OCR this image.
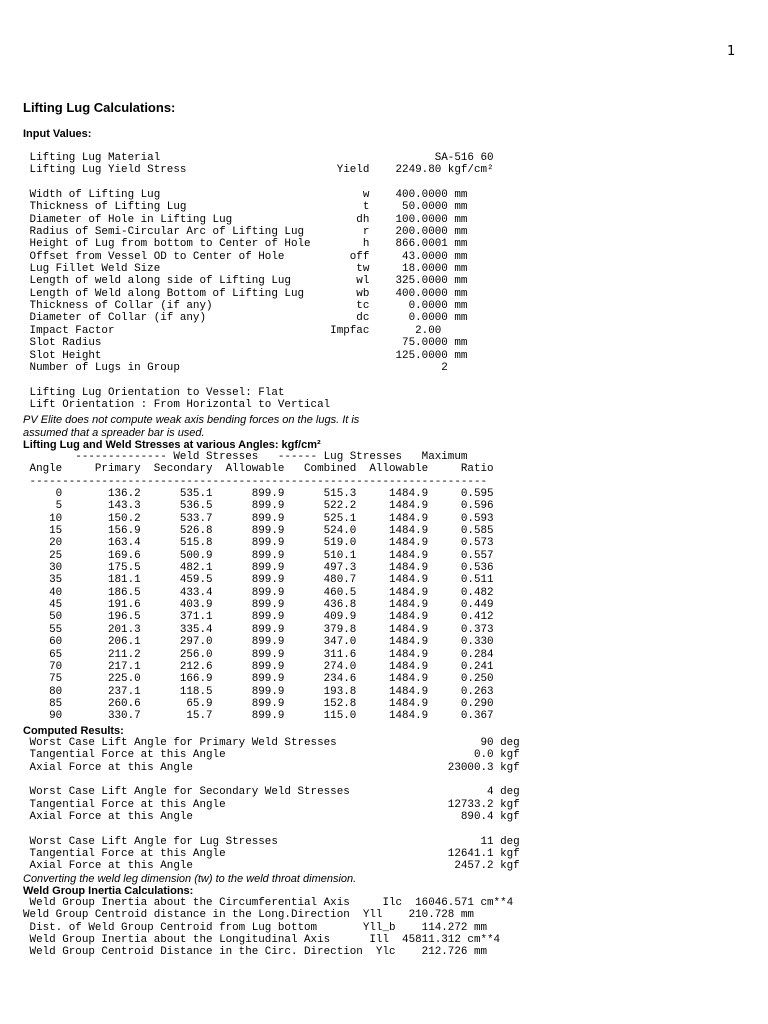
1
Lifting Lug Calculations:
Input Values:
Lifting Lug Material                                          SA-516 60
Lifting Lug Yield Stress                       Yield    2249.80 kgf/cm²

Width of Lifting Lug                               w    400.0000 mm
Thickness of Lifting Lug                           t     50.0000 mm
Diameter of Hole in Lifting Lug                   dh    100.0000 mm
Radius of Semi-Circular Arc of Lifting Lug         r    200.0000 mm
Height of Lug from bottom to Center of Hole        h    866.0001 mm
Offset from Vessel OD to Center of Hole          off     43.0000 mm
Lug Fillet Weld Size                              tw     18.0000 mm
Length of weld along side of Lifting Lug          wl    325.0000 mm
Length of Weld along Bottom of Lifting Lug        wb    400.0000 mm
Thickness of Collar (if any)                      tc      0.0000 mm
Diameter of Collar (if any)                       dc      0.0000 mm
Impact Factor                                 Impfac       2.00
Slot Radius                                              75.0000 mm
Slot Height                                             125.0000 mm
Number of Lugs in Group                                        2

Lifting Lug Orientation to Vessel: Flat
Lift Orientation : From Horizontal to Vertical
PV Elite does not compute weak axis bending forces on the lugs. It is
assumed that a spreader bar is used.
Lifting Lug and Weld Stresses at various Angles: kgf/cm²
-------------- Weld Stresses   ------ Lug Stresses   Maximum
Angle     Primary  Secondary  Allowable   Combined  Allowable     Ratio
----------------------------------------------------------------------
0       136.2      535.1      899.9      515.3     1484.9     0.595
5       143.3      536.5      899.9      522.2     1484.9     0.596
10       150.2      533.7      899.9      525.1     1484.9     0.593
15       156.9      526.8      899.9      524.0     1484.9     0.585
20       163.4      515.8      899.9      519.0     1484.9     0.573
25       169.6      500.9      899.9      510.1     1484.9     0.557
30       175.5      482.1      899.9      497.3     1484.9     0.536
35       181.1      459.5      899.9      480.7     1484.9     0.511
40       186.5      433.4      899.9      460.5     1484.9     0.482
45       191.6      403.9      899.9      436.8     1484.9     0.449
50       196.5      371.1      899.9      409.9     1484.9     0.412
55       201.3      335.4      899.9      379.8     1484.9     0.373
60       206.1      297.0      899.9      347.0     1484.9     0.330
65       211.2      256.0      899.9      311.6     1484.9     0.284
70       217.1      212.6      899.9      274.0     1484.9     0.241
75       225.0      166.9      899.9      234.6     1484.9     0.250
80       237.1      118.5      899.9      193.8     1484.9     0.263
85       260.6       65.9      899.9      152.8     1484.9     0.290
90       330.7       15.7      899.9      115.0     1484.9     0.367
Computed Results:
Worst Case Lift Angle for Primary Weld Stresses                      90 deg
Tangential Force at this Angle                                      0.0 kgf
Axial Force at this Angle                                       23000.3 kgf

Worst Case Lift Angle for Secondary Weld Stresses                     4 deg
Tangential Force at this Angle                                  12733.2 kgf
Axial Force at this Angle                                         890.4 kgf

Worst Case Lift Angle for Lug Stresses                               11 deg
Tangential Force at this Angle                                  12641.1 kgf
Axial Force at this Angle                                        2457.2 kgf
Converting the weld leg dimension (tw) to the weld throat dimension.
Weld Group Inertia Calculations:
Weld Group Inertia about the Circumferential Axis     Ilc  16046.571 cm**4
Weld Group Centroid distance in the Long.Direction  Yll    210.728 mm
Dist. of Weld Group Centroid from Lug bottom       Yll_b    114.272 mm
Weld Group Inertia about the Longitudinal Axis      Ill  45811.312 cm**4
Weld Group Centroid Distance in the Circ. Direction  Ylc    212.726 mm
